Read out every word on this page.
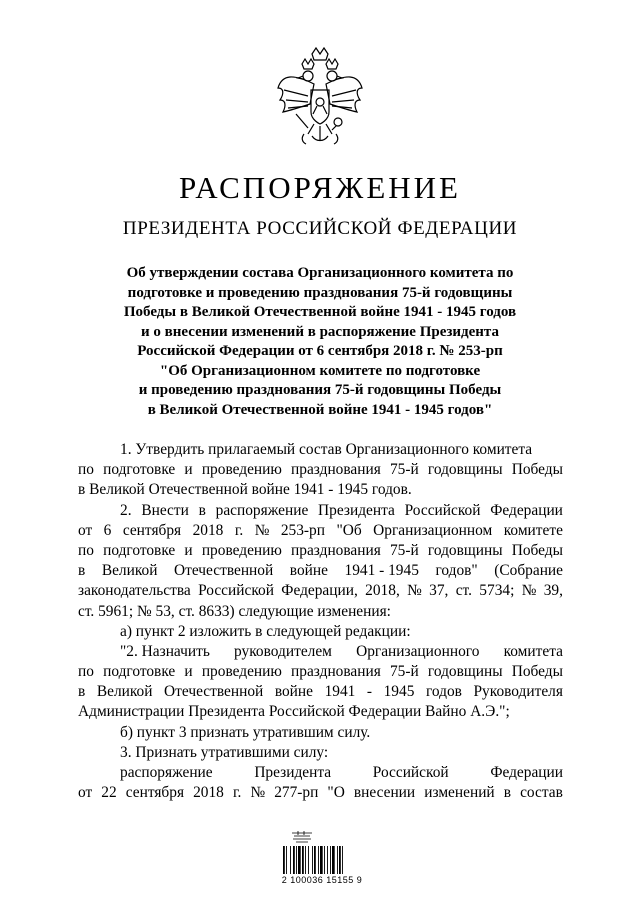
РАСПОРЯЖЕНИЕ
ПРЕЗИДЕНТА РОССИЙСКОЙ ФЕДЕРАЦИИ
Об утверждении состава Организационного комитета по
подготовке и проведению празднования 75-й годовщины
Победы в Великой Отечественной войне 1941 - 1945 годов
и о внесении изменений в распоряжение Президента
Российской Федерации от 6 сентября 2018 г. № 253-рп
"Об Организационном комитете по подготовке
и проведению празднования 75-й годовщины Победы
в Великой Отечественной войне 1941 - 1945 годов"
1. Утвердить прилагаемый состав Организационного комитета
по подготовке и проведению празднования 75-й годовщины Победы
в Великой Отечественной войне 1941 - 1945 годов.
2. Внести в распоряжение Президента Российской Федерации
от 6 сентября 2018 г. № 253-рп "Об Организационном комитете
по подготовке и проведению празднования 75-й годовщины Победы
в Великой Отечественной войне 1941 - 1945 годов" (Собрание
законодательства Российской Федерации, 2018, № 37, ст. 5734; № 39,
ст. 5961; № 53, ст. 8633) следующие изменения:
а) пункт 2 изложить в следующей редакции:
"2. Назначить руководителем Организационного комитета
по подготовке и проведению празднования 75-й годовщины Победы
в Великой Отечественной войне 1941 - 1945 годов Руководителя
Администрации Президента Российской Федерации Вайно А.Э.";
б) пункт 3 признать утратившим силу.
3. Признать утратившими силу:
распоряжение	Президента	Российской	Федерации
от 22 сентября 2018 г. № 277-рп "О внесении изменений в состав
2 100036 15155 9
